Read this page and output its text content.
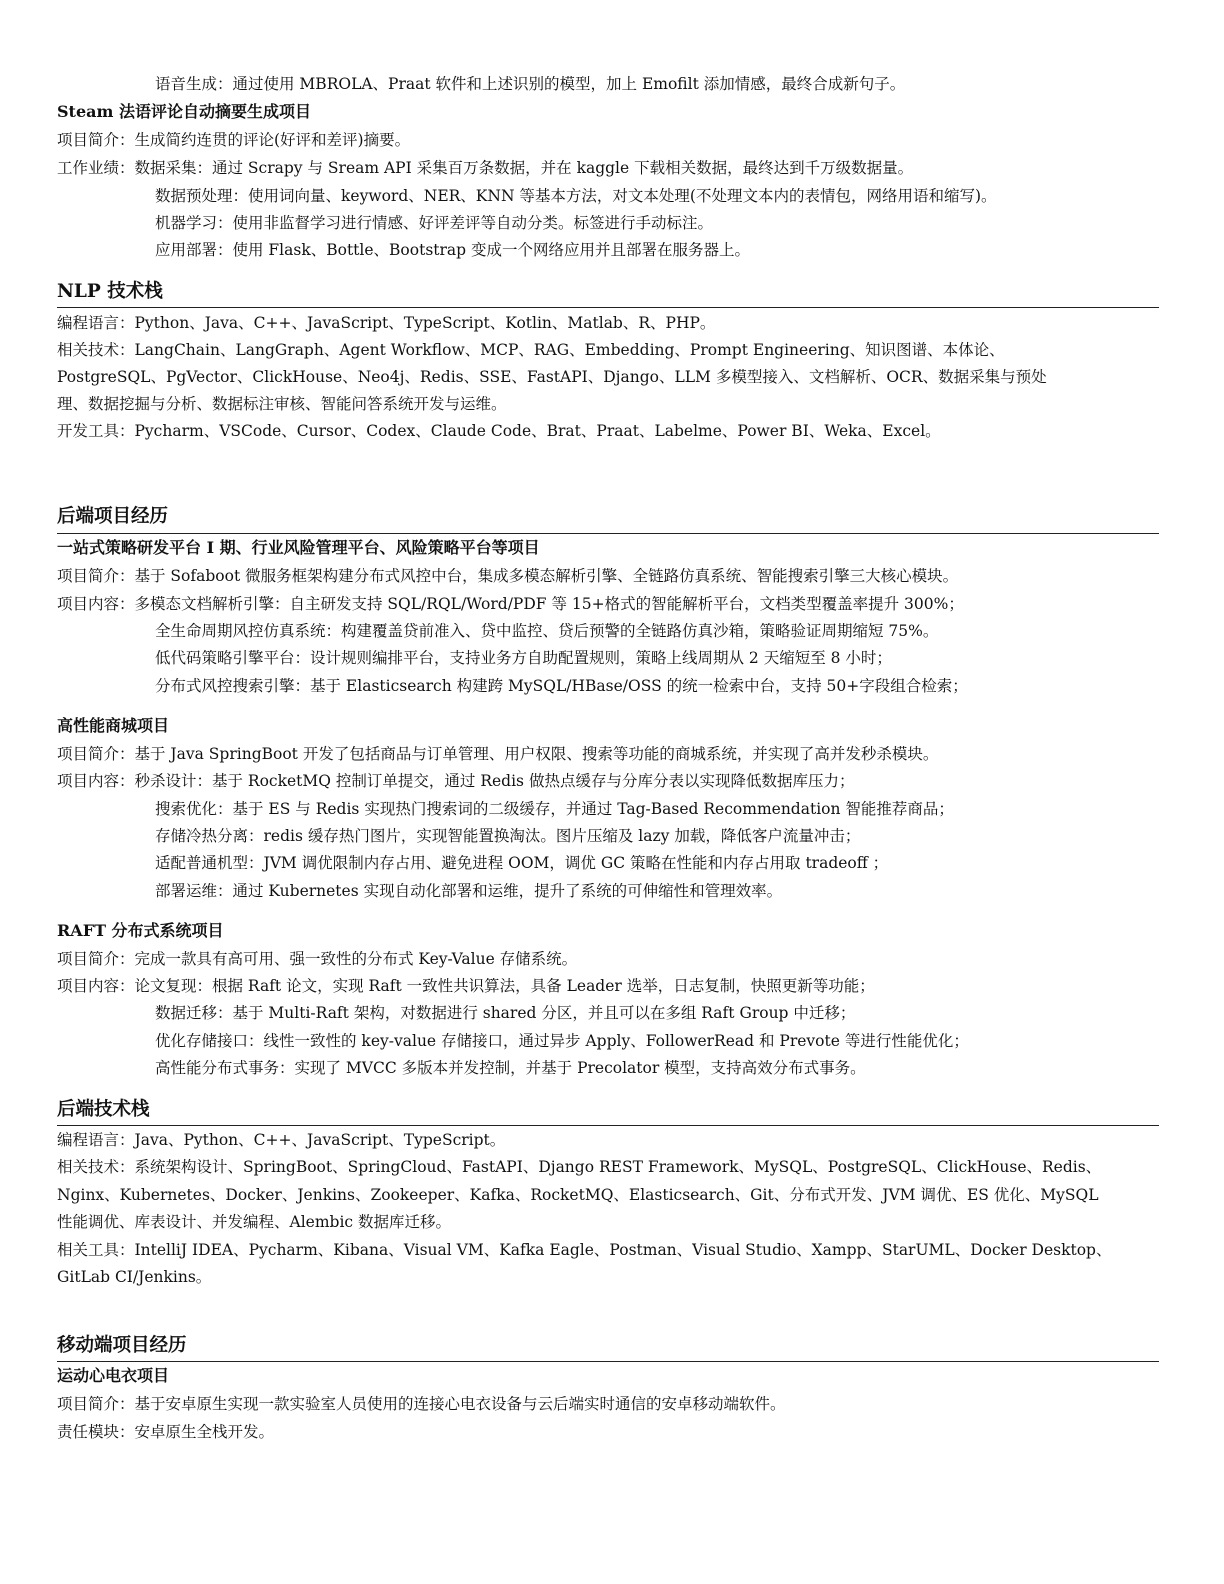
语音生成：通过使用 MBROLA、Praat 软件和上述识别的模型，加上 Emofilt 添加情感，最终合成新句子。
Steam 法语评论自动摘要生成项目
项目简介：生成简约连贯的评论(好评和差评)摘要。
工作业绩：数据采集：通过 Scrapy 与 Sream API 采集百万条数据，并在 kaggle 下载相关数据，最终达到千万级数据量。
数据预处理：使用词向量、keyword、NER、KNN 等基本方法，对文本处理(不处理文本内的表情包，网络用语和缩写)。
机器学习：使用非监督学习进行情感、好评差评等自动分类。标签进行手动标注。
应用部署：使用 Flask、Bottle、Bootstrap 变成一个网络应用并且部署在服务器上。
NLP 技术栈
编程语言：Python、Java、C++、JavaScript、TypeScript、Kotlin、Matlab、R、PHP。
相关技术：LangChain、LangGraph、Agent Workflow、MCP、RAG、Embedding、Prompt Engineering、知识图谱、本体论、
PostgreSQL、PgVector、ClickHouse、Neo4j、Redis、SSE、FastAPI、Django、LLM 多模型接入、文档解析、OCR、数据采集与预处
理、数据挖掘与分析、数据标注审核、智能问答系统开发与运维。
开发工具：Pycharm、VSCode、Cursor、Codex、Claude Code、Brat、Praat、Labelme、Power BI、Weka、Excel。
后端项目经历
一站式策略研发平台 I 期、行业风险管理平台、风险策略平台等项目
项目简介：基于 Sofaboot 微服务框架构建分布式风控中台，集成多模态解析引擎、全链路仿真系统、智能搜索引擎三大核心模块。
项目内容：多模态文档解析引擎：自主研发支持 SQL/RQL/Word/PDF 等 15+格式的智能解析平台，文档类型覆盖率提升 300%；
全生命周期风控仿真系统：构建覆盖贷前准入、贷中监控、贷后预警的全链路仿真沙箱，策略验证周期缩短 75%。
低代码策略引擎平台：设计规则编排平台，支持业务方自助配置规则，策略上线周期从 2 天缩短至 8 小时；
分布式风控搜索引擎：基于 Elasticsearch 构建跨 MySQL/HBase/OSS 的统一检索中台，支持 50+字段组合检索；
高性能商城项目
项目简介：基于 Java SpringBoot 开发了包括商品与订单管理、用户权限、搜索等功能的商城系统，并实现了高并发秒杀模块。
项目内容：秒杀设计：基于 RocketMQ 控制订单提交，通过 Redis 做热点缓存与分库分表以实现降低数据库压力；
搜索优化：基于 ES 与 Redis 实现热门搜索词的二级缓存，并通过 Tag-Based Recommendation 智能推荐商品；
存储冷热分离：redis 缓存热门图片，实现智能置换淘汰。图片压缩及 lazy 加载，降低客户流量冲击；
适配普通机型：JVM 调优限制内存占用、避免进程 OOM，调优 GC 策略在性能和内存占用取 tradeoff ；
部署运维：通过 Kubernetes 实现自动化部署和运维，提升了系统的可伸缩性和管理效率。
RAFT 分布式系统项目
项目简介：完成一款具有高可用、强一致性的分布式 Key-Value 存储系统。
项目内容：论文复现：根据 Raft 论文，实现 Raft 一致性共识算法，具备 Leader 选举，日志复制，快照更新等功能；
数据迁移：基于 Multi-Raft 架构，对数据进行 shared 分区，并且可以在多组 Raft Group 中迁移；
优化存储接口：线性一致性的 key-value 存储接口，通过异步 Apply、FollowerRead 和 Prevote 等进行性能优化；
高性能分布式事务：实现了 MVCC 多版本并发控制，并基于 Precolator 模型，支持高效分布式事务。
后端技术栈
编程语言：Java、Python、C++、JavaScript、TypeScript。
相关技术：系统架构设计、SpringBoot、SpringCloud、FastAPI、Django REST Framework、MySQL、PostgreSQL、ClickHouse、Redis、
Nginx、Kubernetes、Docker、Jenkins、Zookeeper、Kafka、RocketMQ、Elasticsearch、Git、分布式开发、JVM 调优、ES 优化、MySQL
性能调优、库表设计、并发编程、Alembic 数据库迁移。
相关工具：IntelliJ IDEA、Pycharm、Kibana、Visual VM、Kafka Eagle、Postman、Visual Studio、Xampp、StarUML、Docker Desktop、
GitLab CI/Jenkins。
移动端项目经历
运动心电衣项目
项目简介：基于安卓原生实现一款实验室人员使用的连接心电衣设备与云后端实时通信的安卓移动端软件。
责任模块：安卓原生全栈开发。
